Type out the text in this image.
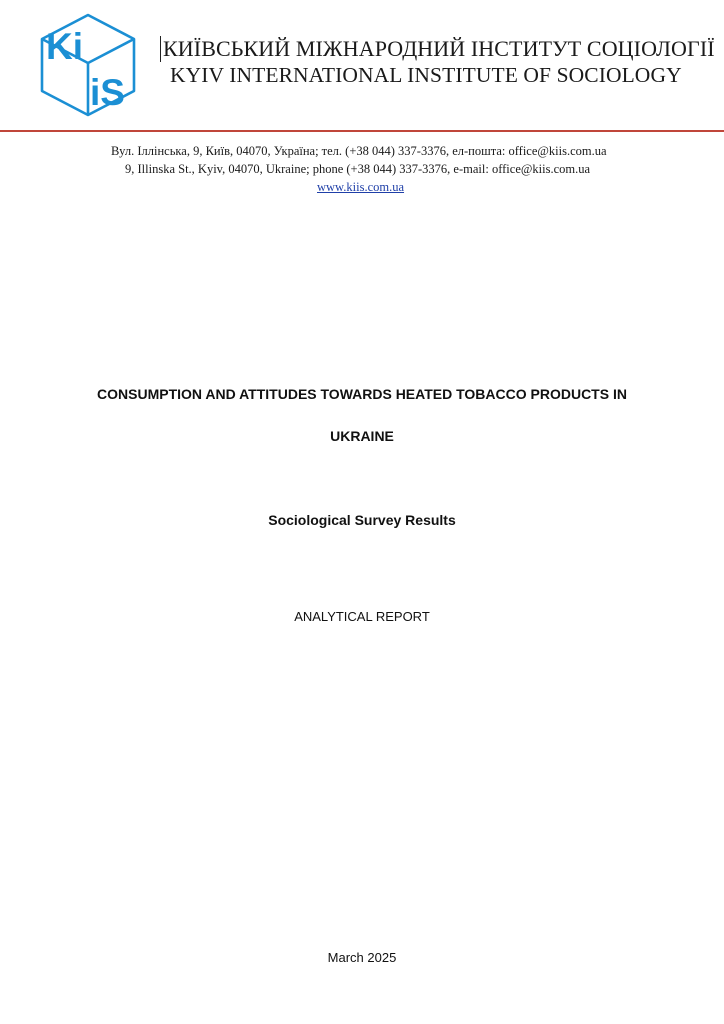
Ki
iS
КИЇВСЬКИЙ МІЖНАРОДНИЙ ІНСТИТУТ СОЦІОЛОГІЇ
KYIV INTERNATIONAL INSTITUTE OF SOCIOLOGY
Вул. Іллінська, 9, Київ, 04070, Україна; тел. (+38 044) 337-3376, ел-пошта: office@kiis.com.ua
9, Illinska St., Kyiv, 04070, Ukraine; phone (+38 044) 337-3376, e-mail: office@kiis.com.ua
www.kiis.com.ua
CONSUMPTION AND ATTITUDES TOWARDS HEATED TOBACCO PRODUCTS IN
UKRAINE
Sociological Survey Results
ANALYTICAL REPORT
March 2025
